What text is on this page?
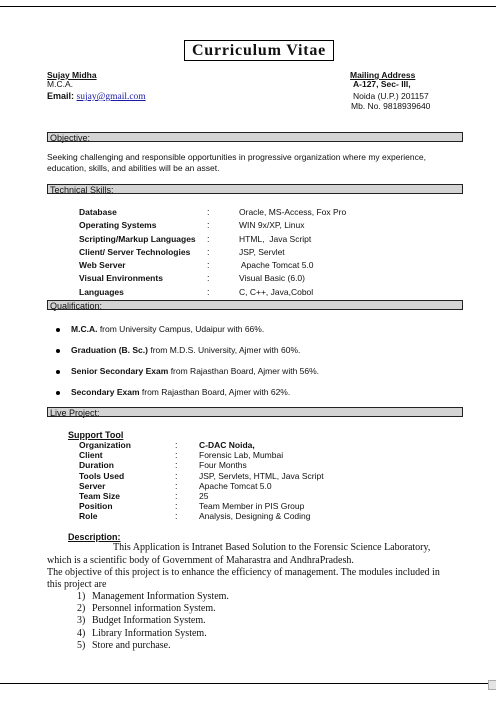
Curriculum Vitae
Sujay Midha
M.C.A.
Email: sujay@gmail.com
Mailing Address
A-127, Sec- III,
Noida (U.P.) 201157
Mb. No. 9818939640
Objective:
Seeking challenging and responsible opportunities in progressive organization where my experience, education, skills, and abilities will be an asset.
Technical Skills:
Database	:	Oracle, MS-Access, Fox Pro
Operating Systems	:	WIN 9x/XP, Linux
Scripting/Markup Languages :	HTML,  Java Script
Client/ Server Technologies :	JSP, Servlet
Web Server	:	Apache Tomcat 5.0
Visual Environments	:	Visual Basic (6.0)
Languages	:	C, C++, Java,Cobol
Qualification:
M.C.A. from University Campus, Udaipur with 66%.
Graduation (B. Sc.) from M.D.S. University, Ajmer with 60%.
Senior Secondary Exam from Rajasthan Board, Ajmer with 56%.
Secondary Exam from Rajasthan Board, Ajmer with 62%.
Live Project:
Support Tool
Organization	:	C-DAC Noida,
Client	:	Forensic Lab, Mumbai
Duration	:	Four Months
Tools Used	:	JSP, Servlets, HTML, Java Script
Server	:	Apache Tomcat 5.0
Team Size	:	25
Position	:	Team Member in PIS Group
Role	:	Analysis, Designing & Coding
Description:
This Application is Intranet Based Solution to the Forensic Science Laboratory,
which is a scientific body of Government of Maharastra and AndhraPradesh.
The objective of this project is to enhance the efficiency of management. The modules included in
this project are
1) Management Information System.
2) Personnel information System.
3) Budget Information System.
4) Library Information System.
5) Store and purchase.
